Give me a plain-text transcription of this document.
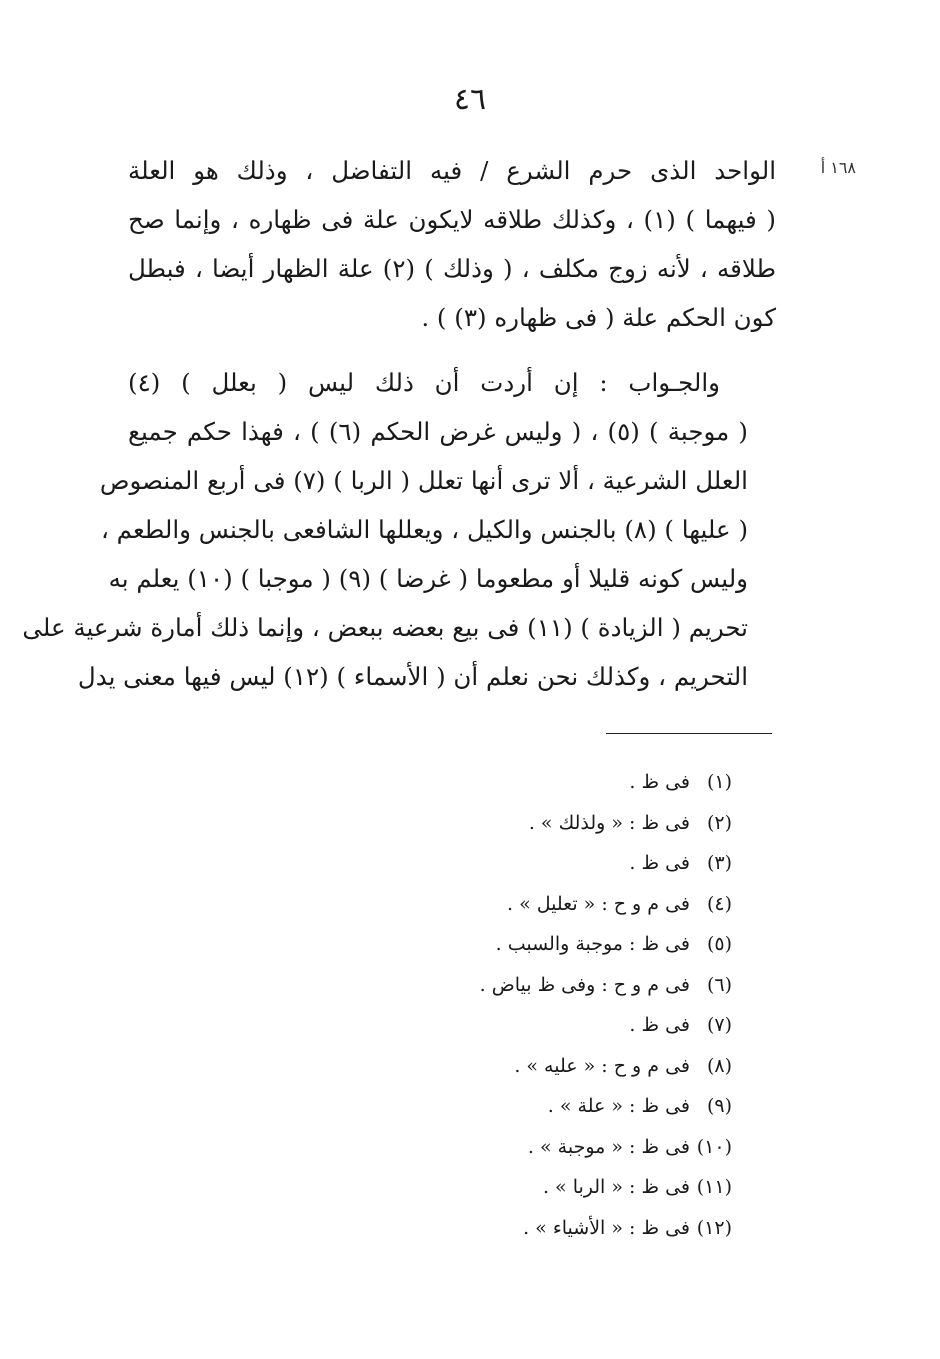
٤٦
١٦٨ أ

الواحد الذى حرم الشرع / فيه التفاضل ، وذلك هو العلة
( فيهما ) (١) ، وكذلك طلاقه لايكون علة فى ظهاره ، وإنما صح
طلاقه ، لأنه زوج مكلف ، ( وذلك ) (٢) علة الظهار أيضا ، فبطل
كون الحكم علة ( فى ظهاره (٣) ) .

والجـواب : إن أردت أن ذلك ليس ( بعلل ) (٤)
( موجبة ) (٥) ، ( وليس غرض الحكم (٦) ) ، فهذا حكم جميع
العلل الشرعية ، ألا ترى أنها تعلل ( الربا ) (٧) فى أربع المنصوص
( عليها ) (٨) بالجنس والكيل ، ويعللها الشافعى بالجنس والطعم ،
وليس كونه قليلا أو مطعوما ( غرضا ) (٩) ( موجبا ) (١٠) يعلم به
تحريم ( الزيادة ) (١١) فى بيع بعضه ببعض ، وإنما ذلك أمارة شرعية على
التحريم ، وكذلك نحن نعلم أن ( الأسماء ) (١٢) ليس فيها معنى يدل

(١)فى ظ .
(٢)فى ظ : « ولذلك » .
(٣)فى ظ .
(٤)فى م و ح : « تعليل » .
(٥)فى ظ : موجبة والسبب .
(٦)فى م و ح : وفى ظ بياض .
(٧)فى ظ .
(٨)فى م و ح : « عليه » .
(٩)فى ظ : « علة » .
(١٠)فى ظ : « موجبة » .
(١١)فى ظ : « الربا » .
(١٢)فى ظ : « الأشياء » .
